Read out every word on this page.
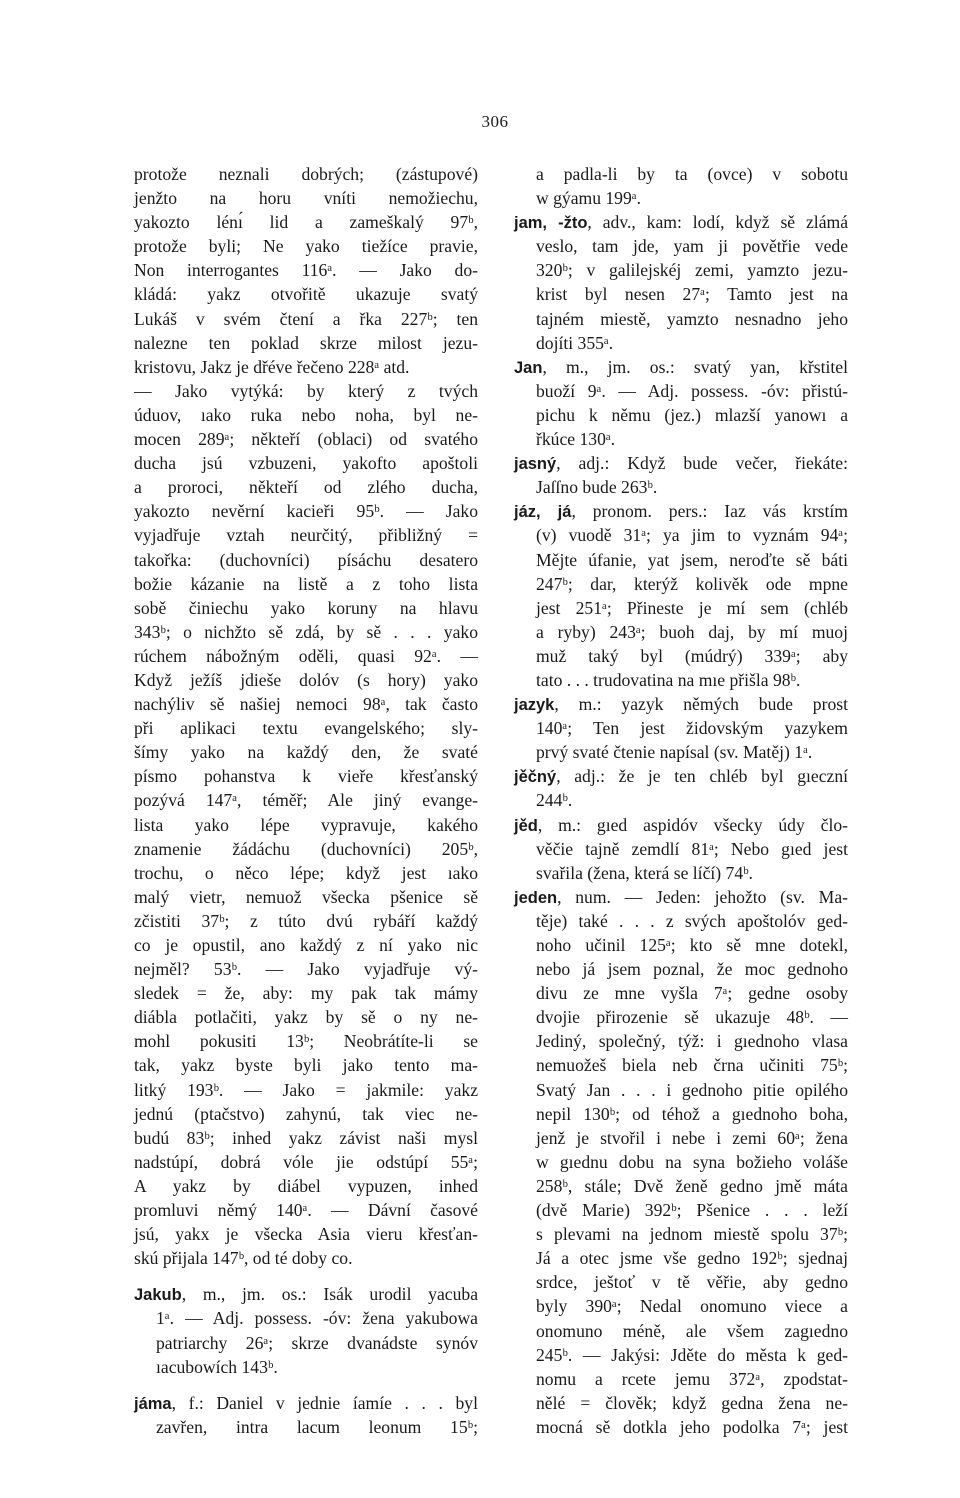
306
protože neznali dobrých; (zástupové)
jenžto na horu vníti nemožiechu,
yakozto lénı́ lid a zameškalý 97ᵇ,
protože byli; Ne yako tiežíce pravie,
Non interrogantes 116ᵃ. — Jako do-
kládá: yakz otvořitě ukazuje svatý
Lukáš v svém čtení a řka 227ᵇ; ten
nalezne ten poklad skrze milost jezu-
kristovu, Jakz je dřéve řečeno 228ᵃ atd.
— Jako vytýká: by který z tvých
úduov, ıako ruka nebo noha, byl ne-
mocen 289ᵃ; někteří (oblaci) od svatého
ducha jsú vzbuzeni, yakofto apoštoli
a proroci, někteří od zlého ducha,
yakozto nevěrní kacieři 95ᵇ. — Jako
vyjadřuje vztah neurčitý, přibližný =
takořka: (duchovníci) písáchu desatero
božie kázanie na listě a z toho lista
sobě činiechu yako koruny na hlavu
343ᵇ; o nichžto sě zdá, by sě . . . yako
rúchem nábožným oděli, quasi 92ᵃ. —
Když ježíš jdieše dolóv (s hory) yako
nachýliv sě našiej nemoci 98ᵃ, tak často
při aplikaci textu evangelského; sly-
šímy yako na každý den, že svaté
písmo pohanstva k vieře křesťanský
pozývá 147ᵃ, téměř; Ale jiný evange-
lista yako lépe vypravuje, kakého
znamenie žádáchu (duchovníci) 205ᵇ,
trochu, o něco lépe; když jest ıako
malý vietr, nemuož všecka pšenice sě
zčistiti 37ᵇ; z túto dvú rybáří každý
co je opustil, ano každý z ní yako nic
nejměl? 53ᵇ. — Jako vyjadřuje vý-
sledek = že, aby: my pak tak mámy
diábla potlačiti, yakz by sě o ny ne-
mohl pokusiti 13ᵇ; Neobrátíte-li se
tak, yakz byste byli jako tento ma-
litký 193ᵇ. — Jako = jakmile: yakz
jednú (ptačstvo) zahynú, tak viec ne-
budú 83ᵇ; inhed yakz závist naši mysl
nadstúpí, dobrá vóle jie odstúpí 55ᵃ;
A yakz by diábel vypuzen, inhed
promluvi němý 140ᵃ. — Dávní časové
jsú, yakx je všecka Asia vieru křesťan-
skú přijala 147ᵇ, od té doby co.
Jakub, m., jm. os.: Isák urodil yacuba
1ᵃ. — Adj. possess. -óv: žena yakubowa
patriarchy 26ᵃ; skrze dvanádste synóv
ıacubowích 143ᵇ.
jáma, f.: Daniel v jednie íamíe . . . byl
zavřen, intra lacum leonum 15ᵇ;
a padla-li by ta (ovce) v sobotu
w gýamu 199ᵃ.
jam, -žto, adv., kam: lodí, když sě zlámá
veslo, tam jde, yam ji povětřie vede
320ᵇ; v galilejskéj zemi, yamzto jezu-
krist byl nesen 27ᵃ; Tamto jest na
tajném miestě, yamzto nesnadno jeho
dojíti 355ᵃ.
Jan, m., jm. os.: svatý yan, křstitel
buoží 9ᵃ. — Adj. possess. -óv: přistú-
pichu k němu (jez.) mlazší yanowı a
řkúce 130ᵃ.
jasný, adj.: Když bude večer, řiekáte:
Jaſſno bude 263ᵇ.
jáz, já, pronom. pers.: Iaz vás krstím
(v) vuodě 31ᵃ; ya jim to vyznám 94ᵃ;
Mějte úfanie, yat jsem, neroďte sě báti
247ᵇ; dar, kterýž kolivěk ode mpne
jest 251ᵃ; Přineste je mí sem (chléb
a ryby) 243ᵃ; buoh daj, by mí muoj
muž taký byl (múdrý) 339ᵃ; aby
tato . . . trudovatina na mıe přišla 98ᵇ.
jazyk, m.: yazyk němých bude prost
140ᵃ; Ten jest židovským yazykem
prvý svaté čtenie napísal (sv. Matěj) 1ᵃ.
jěčný, adj.: že je ten chléb byl gıeczní
244ᵇ.
jěd, m.: gıed aspidóv všecky údy člo-
věčie tajně zemdlí 81ᵃ; Nebo gıed jest
svařila (žena, která se líčí) 74ᵇ.
jeden, num. — Jeden: jehožto (sv. Ma-
těje) také . . . z svých apoštolóv ged-
noho učinil 125ᵃ; kto sě mne dotekl,
nebo já jsem poznal, že moc gednoho
divu ze mne vyšla 7ᵃ; gedne osoby
dvojie přirozenie sě ukazuje 48ᵇ. —
Jediný, společný, týž: i gıednoho vlasa
nemuožeš biela neb črna učiniti 75ᵇ;
Svatý Jan . . . i gednoho pitie opiléhо
nepil 130ᵇ; od téhož a gıednoho boha,
jenž je stvořil i nebe i zemi 60ᵃ; žena
w gıednu dobu na syna božieho voláše
258ᵇ, stále; Dvě ženě gedno jmě máta
(dvě Marie) 392ᵇ; Pšenice . . . leží
s plevami na jednom miestě spolu 37ᵇ;
Já a otec jsme vše gedno 192ᵇ; sjednaj
srdce, ještoť v tě věřie, aby gedno
byly 390ᵃ; Nedal onomuno viece a
onomuno méně, ale všem zagıedno
245ᵇ. — Jakýsi: Jděte do města k ged-
nomu a rcete jemu 372ᵃ, zpodstat-
nělé = člověk; když gedna žena ne-
mocná sě dotkla jeho podolka 7ᵃ; jest
